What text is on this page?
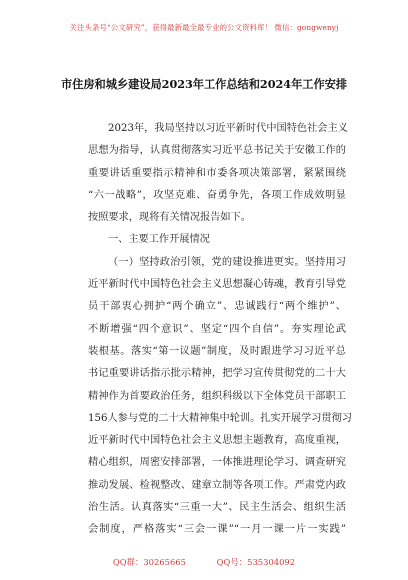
关注头条号“公文研究”，获得最新最全最专业的公文资料库！ 微信：gongwenyj
市住房和城乡建设局2023年工作总结和2024年工作安排
2023年，我局坚持以习近平新时代中国特色社会主义
思想为指导，认真贯彻落实习近平总书记关于安徽工作的
重要讲话重要指示精神和市委各项决策部署，紧紧围绕
“六一战略”，攻坚克难、奋勇争先，各项工作成效明显
按照要求，现将有关情况报告如下。
一、主要工作开展情况
（一）坚持政治引领，党的建设推进更实。坚持用习
近平新时代中国特色社会主义思想凝心铸魂，教育引导党
员干部衷心拥护“两个确立”、忠诚践行“两个维护”、
不断增强“四个意识”、坚定“四个自信”。夯实理论武
装根基。落实“第一议题”制度，及时跟进学习习近平总
书记重要讲话指示批示精神，把学习宣传贯彻党的二十大
精神作为首要政治任务，组织科级以下全体党员干部职工
156人参与党的二十大精神集中轮训。扎实开展学习贯彻习
近平新时代中国特色社会主义思想主题教育，高度重视，
精心组织，周密安排部署，一体推进理论学习、调查研究
推动发展、检视整改、建章立制等各项工作。严肃党内政
治生活。认真落实“三重一大”、民主生活会、组织生活
会制度，严格落实“三会一课”“一月一课一片一实践”
QQ群：30265665	QQ号：535304092
